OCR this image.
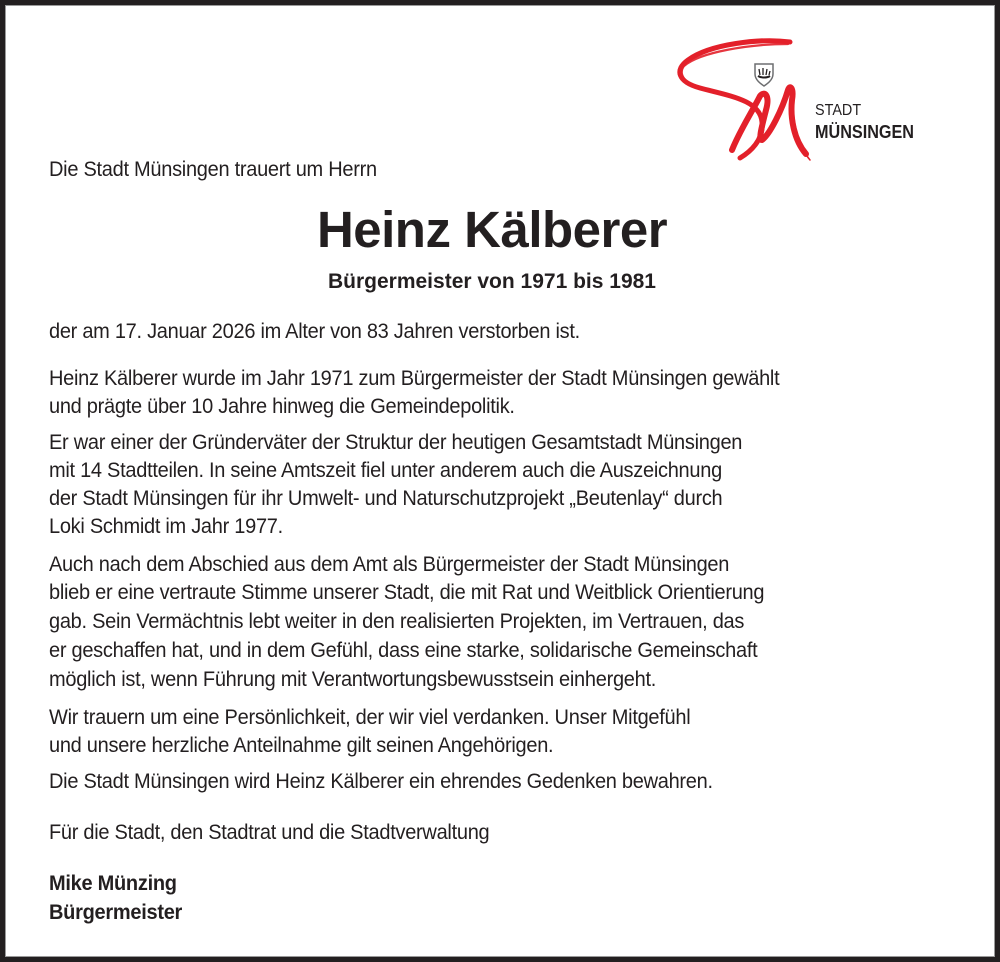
STADT
MÜNSINGEN
Die Stadt Münsingen trauert um Herrn
Heinz Kälberer
Bürgermeister von 1971 bis 1981
der am 17. Januar 2026 im Alter von 83 Jahren verstorben ist.
Heinz Kälberer wurde im Jahr 1971 zum Bürgermeister der Stadt Münsingen gewählt
und prägte über 10 Jahre hinweg die Gemeindepolitik.
Er war einer der Gründerväter der Struktur der heutigen Gesamtstadt Münsingen
mit 14 Stadtteilen. In seine Amtszeit fiel unter anderem auch die Auszeichnung
der Stadt Münsingen für ihr Umwelt- und Naturschutzprojekt „Beutenlay“ durch
Loki Schmidt im Jahr 1977.
Auch nach dem Abschied aus dem Amt als Bürgermeister der Stadt Münsingen
blieb er eine vertraute Stimme unserer Stadt, die mit Rat und Weitblick Orientierung
gab. Sein Vermächtnis lebt weiter in den realisierten Projekten, im Vertrauen, das
er geschaffen hat, und in dem Gefühl, dass eine starke, solidarische Gemeinschaft
möglich ist, wenn Führung mit Verantwortungsbewusstsein einhergeht.
Wir trauern um eine Persönlichkeit, der wir viel verdanken. Unser Mitgefühl
und unsere herzliche Anteilnahme gilt seinen Angehörigen.
Die Stadt Münsingen wird Heinz Kälberer ein ehrendes Gedenken bewahren.
Für die Stadt, den Stadtrat und die Stadtverwaltung
Mike Münzing
Bürgermeister
